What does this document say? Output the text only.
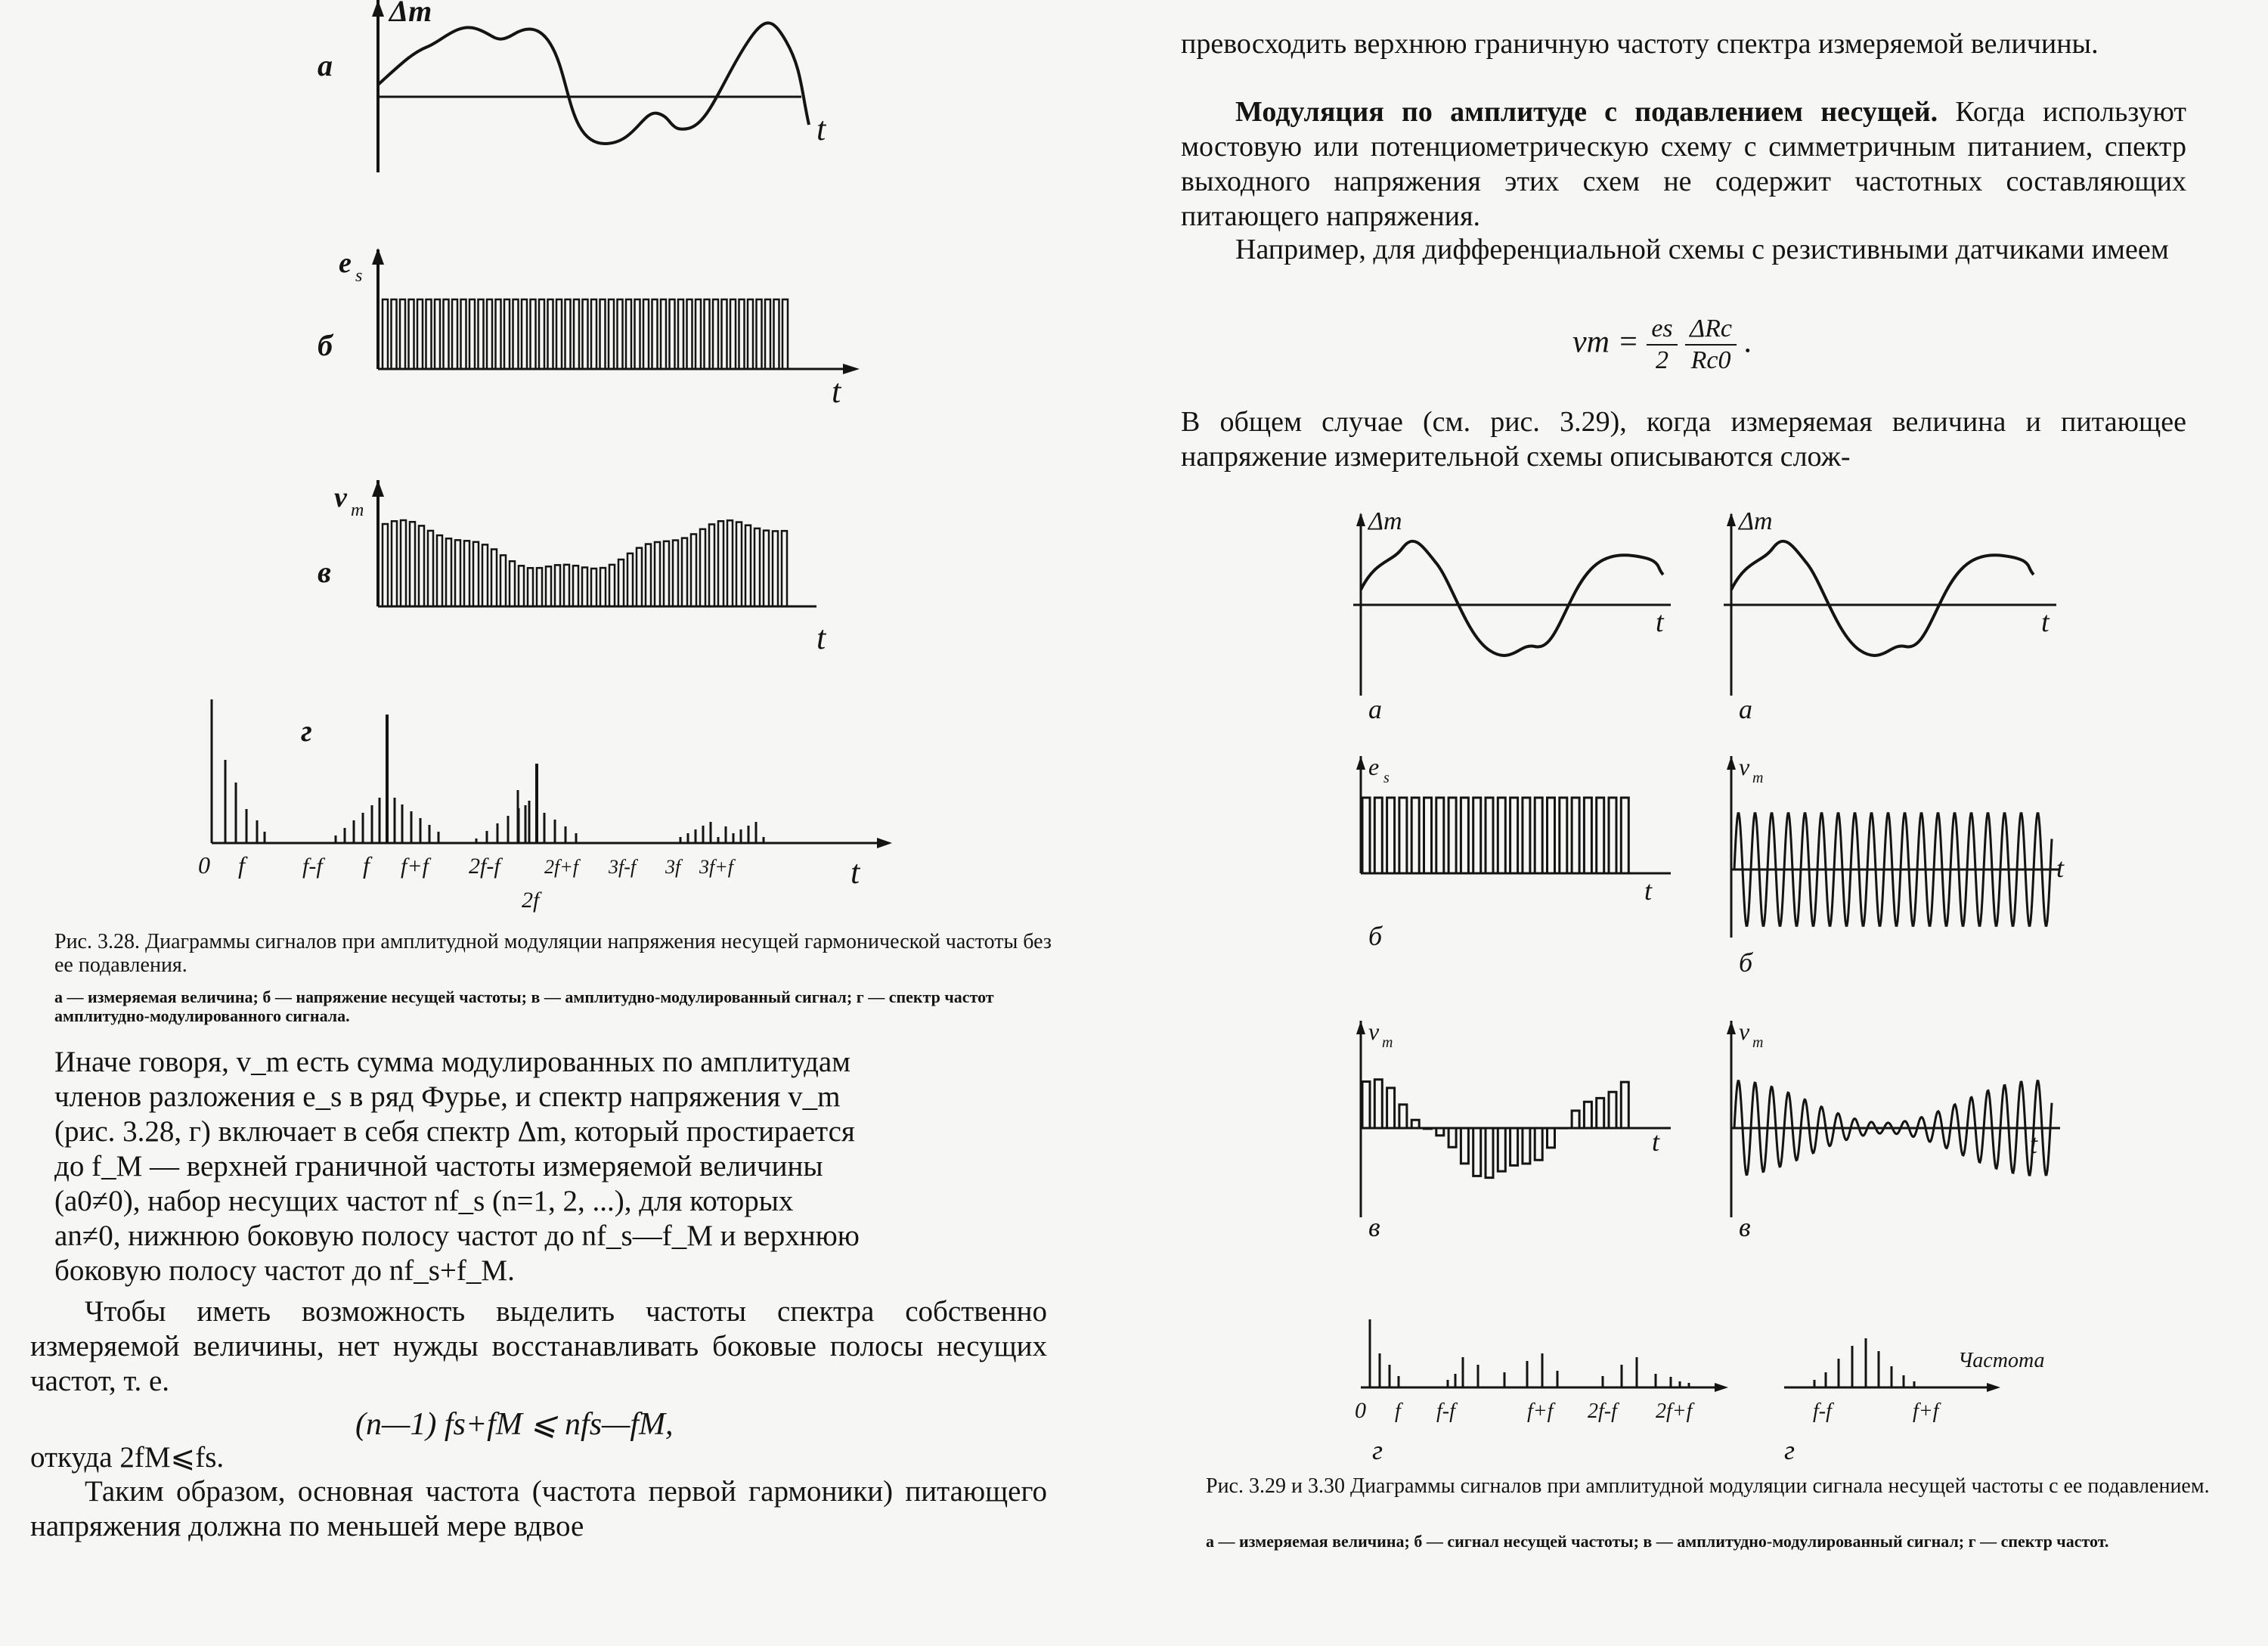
Δm
а
t
e s
б
t
v m
в
t
г
0 f	f-f f f+f 2f-f 2f+f 3f-f 3f 3f+f
2f
t
Рис. 3.28. Диаграммы сигналов при амплитудной модуляции напряжения несущей гармонической частоты без ее подавления.
а — измеряемая величина; б — напряжение несущей частоты; в — амплитудно-модулированный сигнал; г — спектр частот амплитудно-модулированного сигнала.
Иначе говоря, v_m есть сумма модулированных по амплитудам
членов разложения e_s в ряд Фурье, и спектр напряжения v_m
(рис. 3.28, г) включает в себя спектр Δm, который простирается
до f_M — верхней граничной частоты измеряемой величины
(a0≠0), набор несущих частот nf_s (n=1, 2, ...), для которых
an≠0, нижнюю боковую полосу частот до nf_s—f_M и верхнюю
боковую полосу частот до nf_s+f_M.

Чтобы иметь возможность выделить частоты спектра собственно измеряемой величины, нет нужды восстанавливать боковые полосы несущих частот, т. е.

(n—1) fs+fM ⩽ nfs—fM,
откуда 2fM⩽fs.

Таким образом, основная частота (частота первой гармоники) питающего напряжения должна по меньшей мере вдвое

превосходить верхнюю граничную частоту спектра измеряемой величины.

Модуляция по амплитуде с подавлением несущей. Когда используют мостовую или потенциометрическую схему с симметричным питанием, спектр выходного напряжения этих схем не содержит частотных составляющих питающего напряжения.

Например, для дифференциальной схемы с резистивными датчиками имеем

vm = $\frac{es}{2}$
$\frac{\text{ΔRc}}{Rc0}$ .

В общем случае (см. рис. 3.29), когда измеряемая величина и питающее напряжение измерительной схемы описываются слож-

Δm
t
а
Δm
t
а
e s
t
б
v m
t
б
v m
t
в
v m
t
в
0 f f-f	f+f 2f-f 2f+f
г
Частота
f-f	f+f
г
Рис. 3.29 и 3.30 Диаграммы сигналов при амплитудной модуляции сигнала несущей частоты с ее подавлением.
а — измеряемая величина; б — сигнал несущей частоты; в — амплитудно-модулированный сигнал; г — спектр частот.
